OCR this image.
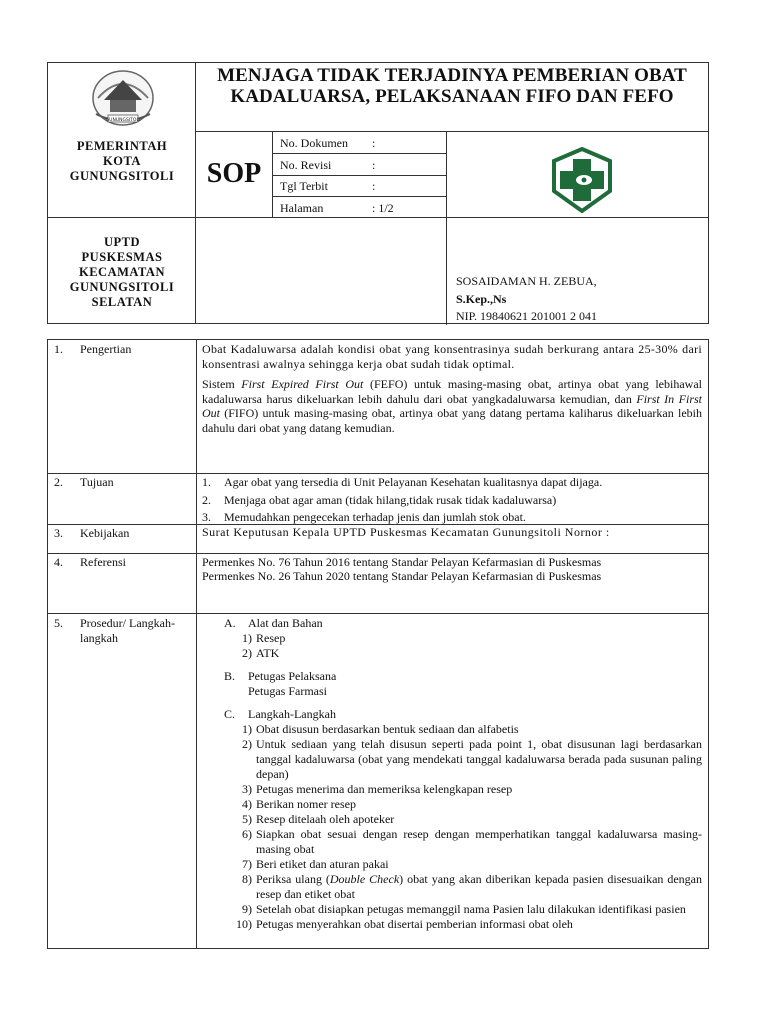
GUNUNGSITOLI
MENJAGA TIDAK TERJADINYA PEMBERIAN OBAT KADALUARSA, PELAKSANAAN FIFO DAN FEFO
PEMERINTAH
KOTA
GUNUNGSITOLI
UPTD
PUSKESMAS
KECAMATAN
GUNUNGSITOLI
SELATAN
SOP
No. Dokumen :
No. Revisi	:
Tgl Terbit	:
Halaman	: 1/2
SOSAIDAMAN H. ZEBUA,
S.Kep.,Ns
NIP. 19840621 201001 2 041
1. Pengertian	Obat Kadaluwarsa adalah kondisi obat yang konsentrasinya sudah berkurang antara 25-30% dari konsentrasi awalnya sehingga kerja obat sudah tidak optimal.

Sistem First Expired First Out (FEFO) untuk masing-masing obat, artinya obat yang lebihawal kadaluwarsa harus dikeluarkan lebih dahulu dari obat yangkadaluwarsa kemudian, dan First In First Out (FIFO) untuk masing-masing obat, artinya obat yang datang pertama kaliharus dikeluarkan lebih dahulu dari obat yang datang kemudian.

2. Tujuan	1. Agar obat yang tersedia di Unit Pelayanan Kesehatan kualitasnya dapat dijaga.
2. Menjaga obat agar aman (tidak hilang,tidak rusak tidak kadaluwarsa)
3. Memudahkan pengecekan terhadap jenis dan jumlah stok obat.
3. Kebijakan	Surat Keputusan Kepala UPTD Puskesmas Kecamatan Gunungsitoli Nornor :
4. Referensi	Permenkes No. 76 Tahun 2016 tentang Standar Pelayan Kefarmasian di Puskesmas

Permenkes No. 26 Tahun 2020 tentang Standar Pelayan Kefarmasian di Puskesmas

5. Prosedur/ Langkah-langkah
A. Alat dan Bahan
1) Resep
2) ATK
B. Petugas Pelaksana
Petugas Farmasi
C. Langkah-Langkah
1) Obat disusun berdasarkan bentuk sediaan dan alfabetis
2) Untuk sediaan yang telah disusun seperti pada point 1, obat disusunan lagi berdasarkan tanggal kadaluwarsa (obat yang mendekati tanggal kadaluwarsa berada pada susunan paling depan)
3) Petugas menerima dan memeriksa kelengkapan resep
4) Berikan nomer resep
5) Resep ditelaah oleh apoteker
6) Siapkan obat sesuai dengan resep dengan memperhatikan tanggal kadaluwarsa masing-masing obat
7) Beri etiket dan aturan pakai
8) Periksa ulang (Double Check) obat yang akan diberikan kepada pasien disesuaikan dengan resep dan etiket obat
9) Setelah obat disiapkan petugas memanggil nama Pasien lalu dilakukan identifikasi pasien
10) Petugas menyerahkan obat disertai pemberian informasi obat oleh
